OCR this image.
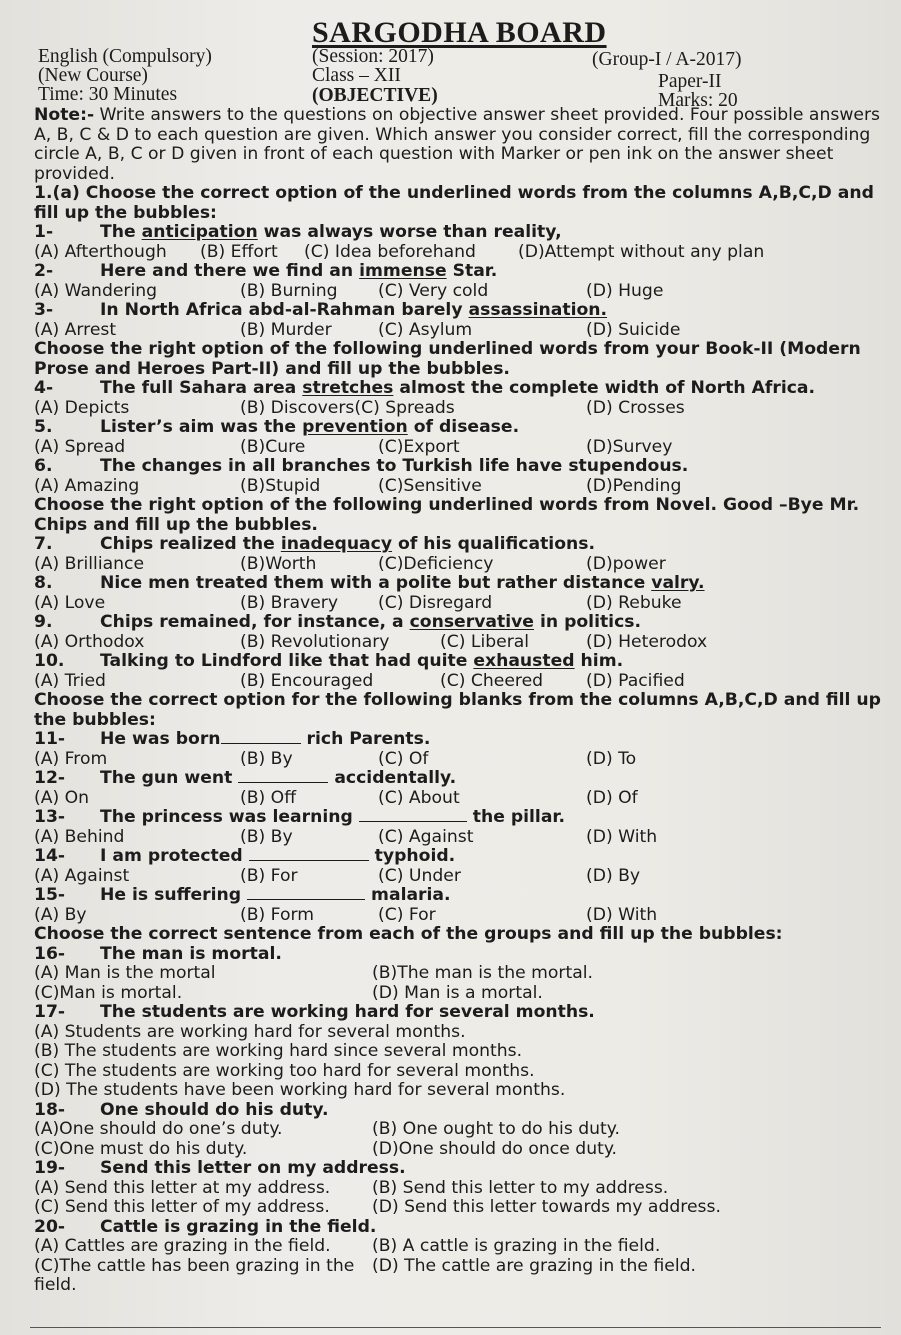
SARGODHA BOARD
English (Compulsory)
(New Course)
Time: 30 Minutes
(Session: 2017)
Class – XII
(OBJECTIVE)
(Group-I / A-2017)
Paper-II
Marks: 20

Note:- Write answers to the questions on objective answer sheet provided. Four possible answers A, B, C & D to each question are given. Which answer you consider correct, fill the corresponding circle A, B, C or D given in front of each question with Marker or pen ink on the answer sheet provided.

1.(a) Choose the correct option of the underlined words from the columns A,B,C,D and fill up the bubbles:

1-	The anticipation was always worse than reality,
(A) Afterthough	(B) Effort	(C) Idea beforehand	(D)Attempt without any plan
2-	Here and there we find an immense Star.
(A) Wandering	(B) Burning	(C) Very cold	(D) Huge
3-	In North Africa abd-al-Rahman barely assassination.
(A) Arrest	(B) Murder	(C) Asylum	(D) Suicide

Choose the right option of the following underlined words from your Book-II (Modern Prose and Heroes Part-II) and fill up the bubbles.

4-	The full Sahara area stretches almost the complete width of North Africa.
(A) Depicts	(B) Discovers(C) Spreads	(D) Crosses
5.	Lister’s aim was the prevention of disease.
(A) Spread	(B)Cure	(C)Export	(D)Survey
6.	The changes in all branches to Turkish life have stupendous.
(A) Amazing	(B)Stupid	(C)Sensitive	(D)Pending

Choose the right option of the following underlined words from Novel. Good –Bye Mr. Chips and fill up the bubbles.

7.	Chips realized the inadequacy of his qualifications.
(A) Brilliance	(B)Worth	(C)Deficiency	(D)power
8.	Nice men treated them with a polite but rather distance valry.
(A) Love	(B) Bravery	(C) Disregard	(D) Rebuke
9.	Chips remained, for instance, a conservative in politics.
(A) Orthodox	(B) Revolutionary	(C) Liberal	(D) Heterodox
10.	Talking to Lindford like that had quite exhausted him.
(A) Tried	(B) Encouraged	(C) Cheered	(D) Pacified

Choose the correct option for the following blanks from the columns A,B,C,D and fill up the bubbles:

11-	He was born	rich Parents.
(A) From	(B) By	(C) Of	(D) To
12-	The gun went	accidentally.
(A) On	(B) Off	(C) About	(D) Of
13-	The princess was learning	the pillar.
(A) Behind	(B) By	(C) Against	(D) With
14-	I am protected	typhoid.
(A) Against	(B) For	(C) Under	(D) By
15-	He is suffering	malaria.
(A) By	(B) Form	(C) For	(D) With

Choose the correct sentence from each of the groups and fill up the bubbles:

16-	The man is mortal.
(A) Man is the mortal	(B)The man is the mortal.
(C)Man is mortal.	(D) Man is a mortal.
17-	The students are working hard for several months.
(A) Students are working hard for several months.
(B) The students are working hard since several months.
(C) The students are working too hard for several months.
(D) The students have been working hard for several months.
18-	One should do his duty.
(A)One should do one’s duty.	(B) One ought to do his duty.
(C)One must do his duty.	(D)One should do once duty.
19-	Send this letter on my address.
(A) Send this letter at my address.	(B) Send this letter to my address.
(C) Send this letter of my address.	(D) Send this letter towards my address.
20-	Cattle is grazing in the field.
(A) Cattles are grazing in the field.	(B) A cattle is grazing in the field.
(C)The cattle has been grazing in the field.
(D) The cattle are grazing in the field.
